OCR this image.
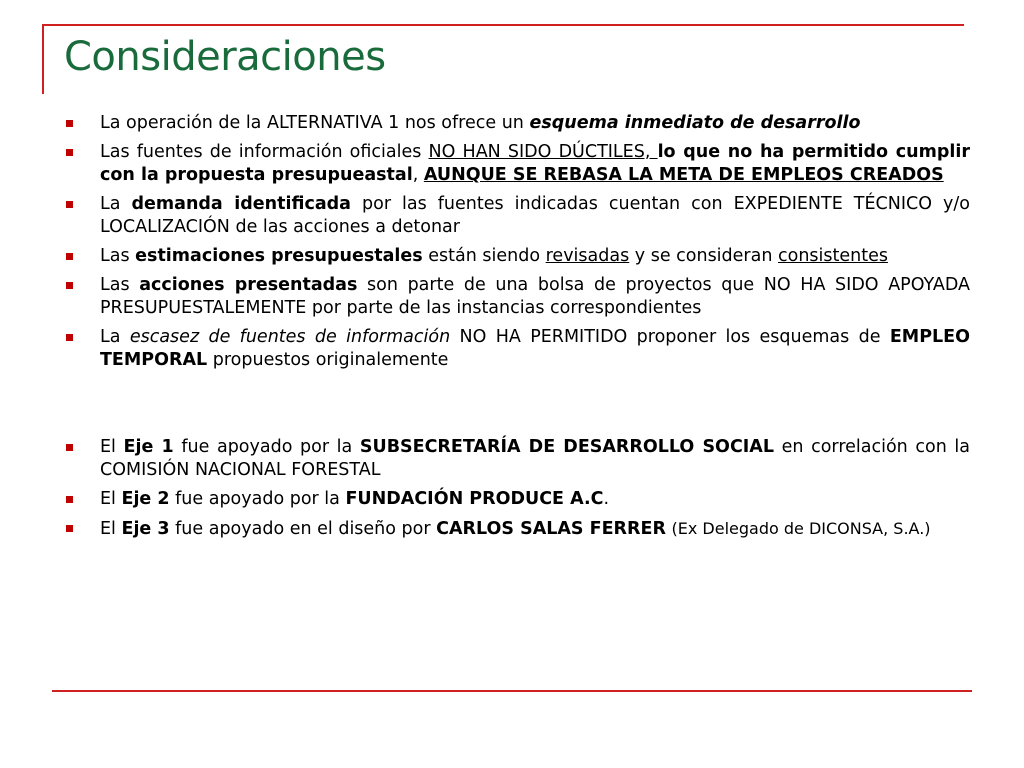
Consideraciones
La operación de la ALTERNATIVA 1 nos ofrece un esquema inmediato de desarrollo
Las fuentes de información oficiales NO HAN SIDO DÚCTILES, lo que no ha permitido cumplir con la propuesta presupueastal, AUNQUE SE REBASA LA META DE EMPLEOS CREADOS
La demanda identificada por las fuentes indicadas cuentan con EXPEDIENTE TÉCNICO y/o LOCALIZACIÓN de las acciones a detonar
Las estimaciones presupuestales están siendo revisadas y se consideran consistentes
Las acciones presentadas son parte de una bolsa de proyectos que NO HA SIDO APOYADA PRESUPUESTALEMENTE por parte de las instancias correspondientes
La escasez de fuentes de información NO HA PERMITIDO proponer los esquemas de EMPLEO TEMPORAL propuestos originalemente
El Eje 1 fue apoyado por la SUBSECRETARÍA DE DESARROLLO SOCIAL en correlación con la COMISIÓN NACIONAL FORESTAL
El Eje 2 fue apoyado por la FUNDACIÓN PRODUCE A.C.
El Eje 3 fue apoyado en el diseño por CARLOS SALAS FERRER (Ex Delegado de DICONSA, S.A.)
